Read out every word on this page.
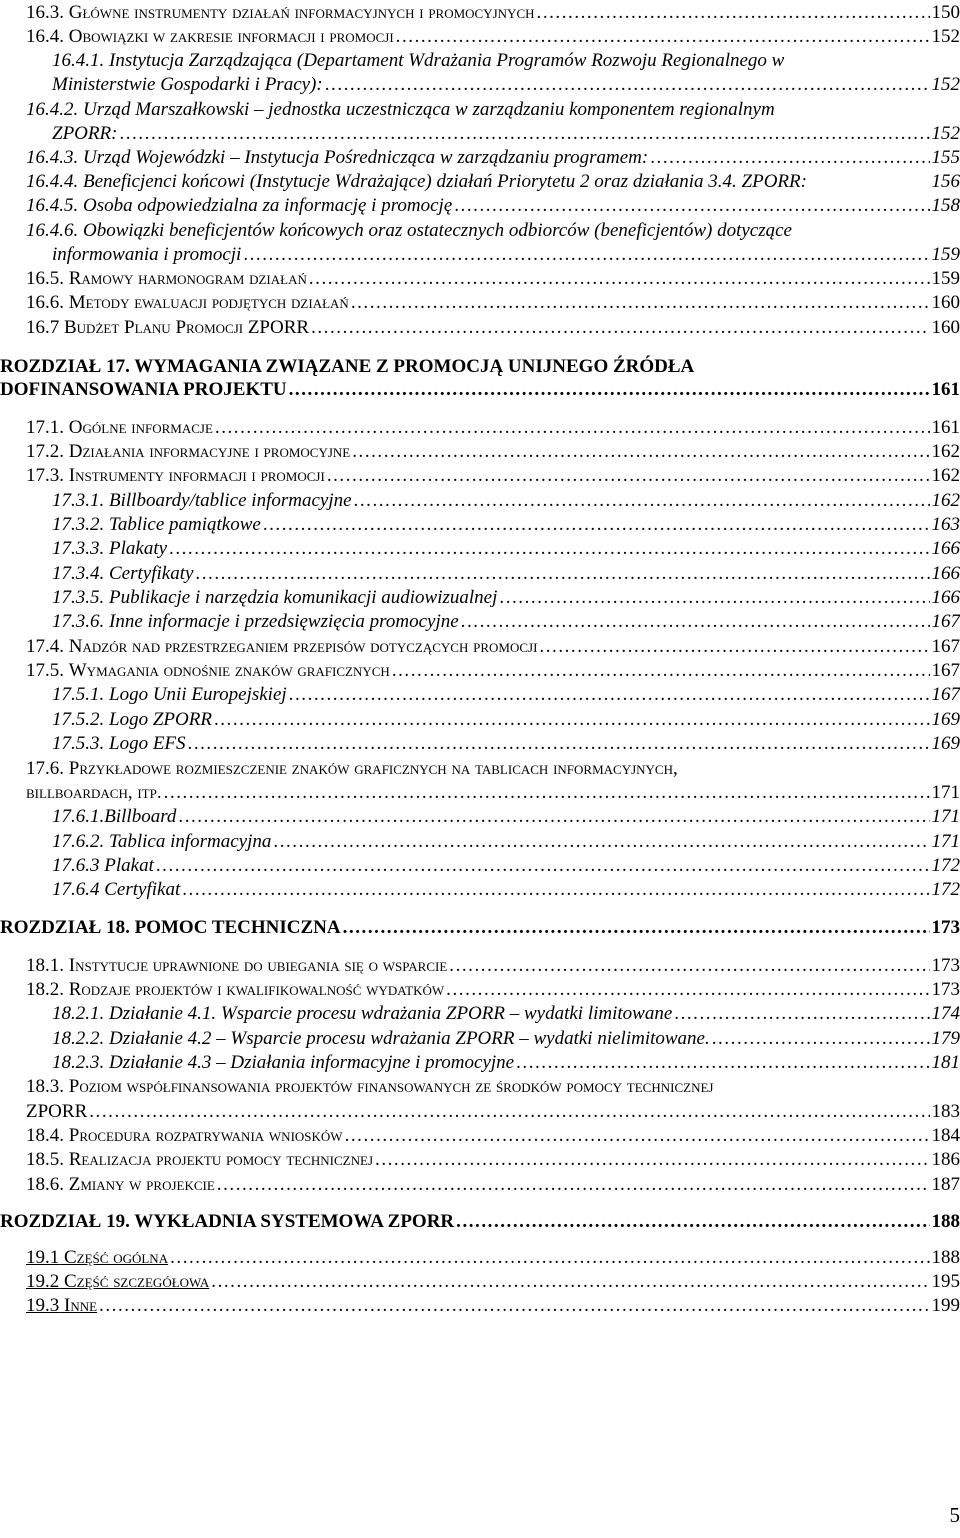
16.3. Główne instrumenty działań informacyjnych i promocyjnych . . .	150
16.4. Obowiązki w zakresie informacji i promocji . . .	152
16.4.1. Instytucja Zarządzająca (Departament Wdrażania Programów Rozwoju Regionalnego w
Ministerstwie Gospodarki i Pracy): . . .	152
16.4.2. Urząd Marszałkowski – jednostka uczestnicząca w zarządzaniu komponentem regionalnym
ZPORR: . . .	152
16.4.3. Urząd Wojewódzki – Instytucja Pośrednicząca w zarządzaniu programem: . . .	155
16.4.4. Beneficjenci końcowi (Instytucje Wdrażające) działań Priorytetu 2 oraz działania 3.4. ZPORR:	156
16.4.5. Osoba odpowiedzialna za informację i promocję . . .	158
16.4.6. Obowiązki beneficjentów końcowych oraz ostatecznych odbiorców (beneficjentów) dotyczące
informowania i promocji . . .	159
16.5. Ramowy harmonogram działań . . .	159
16.6. Metody ewaluacji podjętych działań . . .	160
16.7 Budżet Planu Promocji ZPORR . . .	160
ROZDZIAŁ 17. WYMAGANIA ZWIĄZANE Z PROMOCJĄ UNIJNEGO ŹRÓDŁA
DOFINANSOWANIA PROJEKTU . . .	161
17.1. Ogólne informacje . . .	161
17.2. Działania informacyjne i promocyjne . . .	162
17.3. Instrumenty informacji i promocji . . .	162
17.3.1. Billboardy/tablice informacyjne . . .	162
17.3.2. Tablice pamiątkowe . . .	163
17.3.3. Plakaty . . .	166
17.3.4. Certyfikaty . . .	166
17.3.5. Publikacje i narzędzia komunikacji audiowizualnej . . .	166
17.3.6. Inne informacje i przedsięwzięcia promocyjne . . .	167
17.4. Nadzór nad przestrzeganiem przepisów dotyczących promocji . . .	167
17.5. Wymagania odnośnie znaków graficznych . . .	167
17.5.1. Logo Unii Europejskiej . . .	167
17.5.2. Logo ZPORR . . .	169
17.5.3. Logo EFS . . .	169
17.6. Przykładowe rozmieszczenie znaków graficznych na tablicach informacyjnych,
billboardach, itp. . . .	171
17.6.1.Billboard . . .	171
17.6.2. Tablica informacyjna . . .	171
17.6.3 Plakat . . .	172
17.6.4 Certyfikat . . .	172
ROZDZIAŁ 18. POMOC TECHNICZNA . . .	173
18.1. Instytucje uprawnione do ubiegania się o wsparcie . . .	173
18.2. Rodzaje projektów i kwalifikowalność wydatków . . .	173
18.2.1. Działanie 4.1. Wsparcie procesu wdrażania ZPORR – wydatki limitowane . . .	174
18.2.2. Działanie 4.2 – Wsparcie procesu wdrażania ZPORR – wydatki nielimitowane. . . .	179
18.2.3. Działanie 4.3 – Działania informacyjne i promocyjne . . .	181
18.3. Poziom współfinansowania projektów finansowanych ze środków pomocy technicznej
ZPORR . . .	183
18.4. Procedura rozpatrywania wniosków . . .	184
18.5. Realizacja projektu pomocy technicznej . . .	186
18.6. Zmiany w projekcie . . .	187
ROZDZIAŁ 19. WYKŁADNIA SYSTEMOWA ZPORR . . .	188
19.1 Część ogólna . . .	188
19.2 Część szczegółowa . . .	195
19.3 Inne . . .	199
5
